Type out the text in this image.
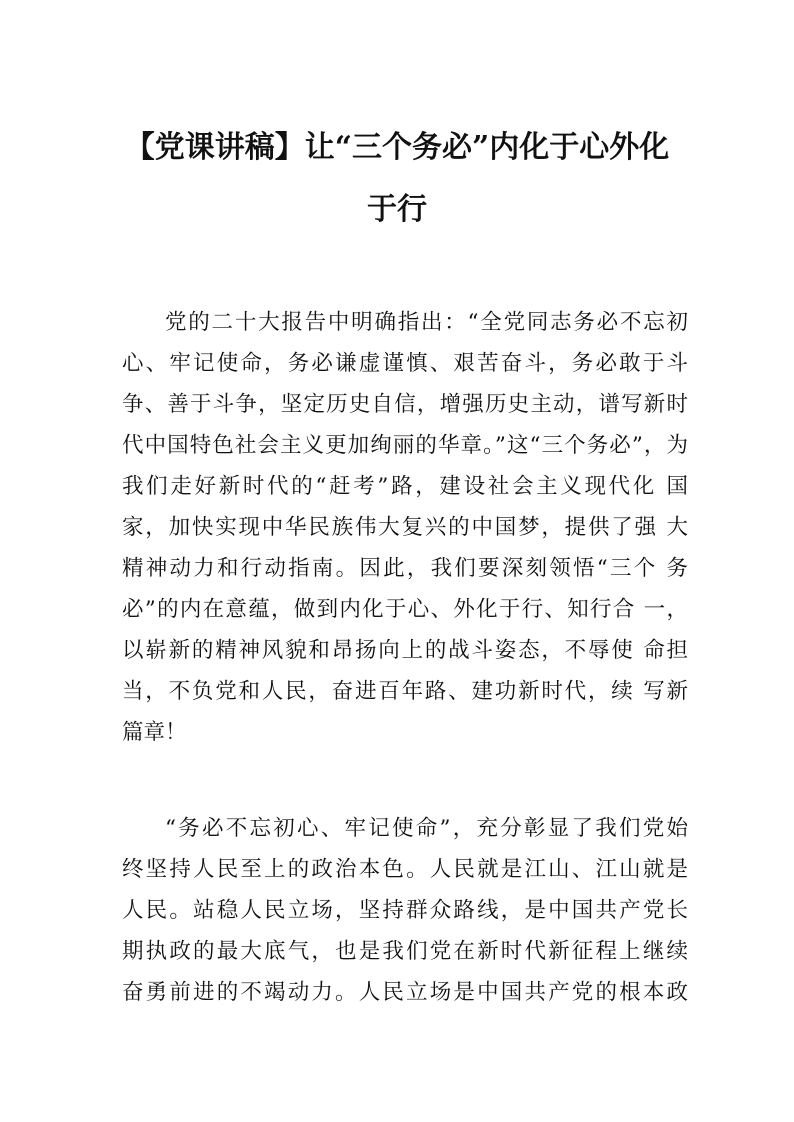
【党课讲稿】让“三个务必”内化于心外化
于行
党的二十大报告中明确指出：“全党同志务必不忘初
心、牢记使命，务必谦虚谨慎、艰苦奋斗，务必敢于斗
争、善于斗争，坚定历史自信，增强历史主动，谱写新时
代中国特色社会主义更加绚丽的华章。”这“三个务必”，为
我们走好新时代的“赶考”路，建设社会主义现代化 国
家，加快实现中华民族伟大复兴的中国梦，提供了强 大
精神动力和行动指南。因此，我们要深刻领悟“三个 务
必”的内在意蕴，做到内化于心、外化于行、知行合 一，
以崭新的精神风貌和昂扬向上的战斗姿态，不辱使 命担
当，不负党和人民，奋进百年路、建功新时代，续 写新
篇章！
“务必不忘初心、牢记使命”，充分彰显了我们党始
终坚持人民至上的政治本色。人民就是江山、江山就是
人民。站稳人民立场，坚持群众路线，是中国共产党长
期执政的最大底气，也是我们党在新时代新征程上继续
奋勇前进的不竭动力。人民立场是中国共产党的根本政
